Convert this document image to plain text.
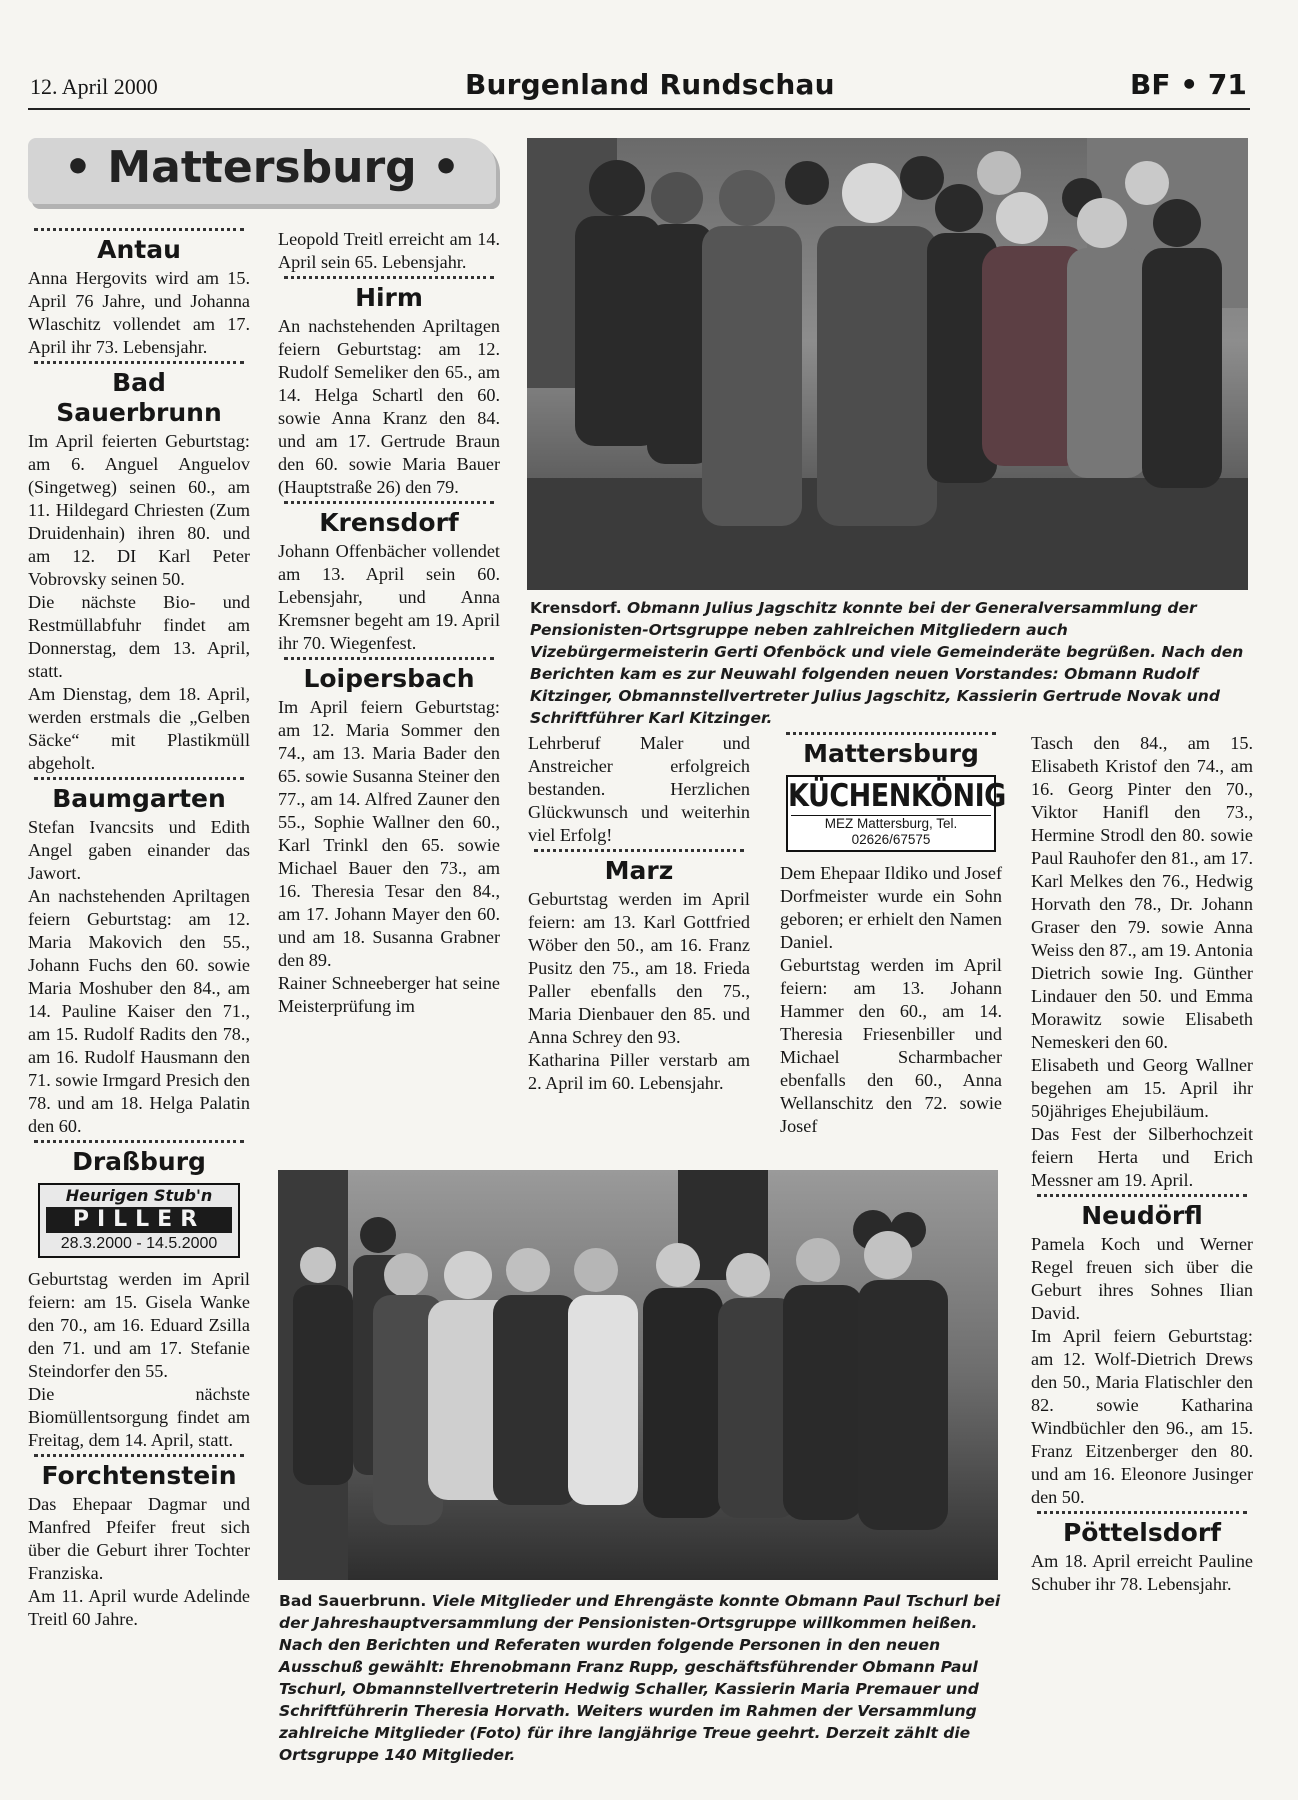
12. April 2000	Burgenland Rundschau	BF • 71
• Mattersburg •
Antau

Anna Hergovits wird am 15. April 76 Jahre, und Johanna Wlaschitz vollendet am 17. April ihr 73. Lebensjahr.

Bad Sauerbrunn

Im April feierten Geburtstag: am 6. Anguel Anguelov (Singetweg) seinen 60., am 11. Hildegard Chriesten (Zum Druidenhain) ihren 80. und am 12. DI Karl Peter Vobrovsky seinen 50.

Die nächste Bio- und Restmüllabfuhr findet am Donnerstag, dem 13. April, statt.

Am Dienstag, dem 18. April, werden erstmals die „Gelben Säcke“ mit Plastikmüll abgeholt.

Baumgarten

Stefan Ivancsits und Edith Angel gaben einander das Jawort.

An nachstehenden Apriltagen feiern Geburtstag: am 12. Maria Makovich den 55., Johann Fuchs den 60. sowie Maria Moshuber den 84., am 14. Pauline Kaiser den 71., am 15. Rudolf Radits den 78., am 16. Rudolf Hausmann den 71. sowie Irmgard Presich den 78. und am 18. Helga Palatin den 60.

Draßburg
Heurigen Stub'n
PILLER
28.3.2000 - 14.5.2000

Geburtstag werden im April feiern: am 15. Gisela Wanke den 70., am 16. Eduard Zsilla den 71. und am 17. Stefanie Steindorfer den 55.

Die nächste Biomüllentsorgung findet am Freitag, dem 14. April, statt.

Forchtenstein

Das Ehepaar Dagmar und Manfred Pfeifer freut sich über die Geburt ihrer Tochter Franziska.

Am 11. April wurde Adelinde Treitl 60 Jahre.

Leopold Treitl erreicht am 14. April sein 65. Lebensjahr.

Hirm

An nachstehenden Apriltagen feiern Geburtstag: am 12. Rudolf Semeliker den 65., am 14. Helga Schartl den 60. sowie Anna Kranz den 84. und am 17. Gertrude Braun den 60. sowie Maria Bauer (Hauptstraße 26) den 79.

Krensdorf

Johann Offenbächer vollendet am 13. April sein 60. Lebensjahr, und Anna Kremsner begeht am 19. April ihr 70. Wiegenfest.

Loipersbach

Im April feiern Geburtstag: am 12. Maria Sommer den 74., am 13. Maria Bader den 65. sowie Susanna Steiner den 77., am 14. Alfred Zauner den 55., Sophie Wallner den 60., Karl Trinkl den 65. sowie Michael Bauer den 73., am 16. Theresia Tesar den 84., am 17. Johann Mayer den 60. und am 18. Susanna Grabner den 89.

Rainer Schneeberger hat seine Meisterprüfung im

Lehrberuf Maler und Anstreicher erfolgreich bestanden. Herzlichen Glückwunsch und weiterhin viel Erfolg!

Marz

Geburtstag werden im April feiern: am 13. Karl Gottfried Wöber den 50., am 16. Franz Pusitz den 75., am 18. Frieda Paller ebenfalls den 75., Maria Dienbauer den 85. und Anna Schrey den 93.

Katharina Piller verstarb am 2. April im 60. Lebensjahr.

Mattersburg
KÜCHENKÖNIG
MEZ Mattersburg, Tel. 02626/67575

Dem Ehepaar Ildiko und Josef Dorfmeister wurde ein Sohn geboren; er erhielt den Namen Daniel.

Geburtstag werden im April feiern: am 13. Johann Hammer den 60., am 14. Theresia Friesenbiller und Michael Scharmbacher ebenfalls den 60., Anna Wellanschitz den 72. sowie Josef

Tasch den 84., am 15. Elisabeth Kristof den 74., am 16. Georg Pinter den 70., Viktor Hanifl den 73., Hermine Strodl den 80. sowie Paul Rauhofer den 81., am 17. Karl Melkes den 76., Hedwig Horvath den 78., Dr. Johann Graser den 79. sowie Anna Weiss den 87., am 19. Antonia Dietrich sowie Ing. Günther Lindauer den 50. und Emma Morawitz sowie Elisabeth Nemeskeri den 60.

Elisabeth und Georg Wallner begehen am 15. April ihr 50jähriges Ehejubiläum.

Das Fest der Silberhochzeit feiern Herta und Erich Messner am 19. April.

Neudörfl

Pamela Koch und Werner Regel freuen sich über die Geburt ihres Sohnes Ilian David.

Im April feiern Geburtstag: am 12. Wolf-Dietrich Drews den 50., Maria Flatischler den 82. sowie Katharina Windbüchler den 96., am 15. Franz Eitzenberger den 80. und am 16. Eleonore Jusinger den 50.

Pöttelsdorf

Am 18. April erreicht Pauline Schuber ihr 78. Lebensjahr.

Krensdorf. Obmann Julius Jagschitz konnte bei der Generalversammlung der Pensionisten-Ortsgruppe neben zahlreichen Mitgliedern auch Vizebürgermeisterin Gerti Ofenböck und viele Gemeinderäte begrüßen. Nach den Berichten kam es zur Neuwahl folgenden neuen Vorstandes: Obmann Rudolf Kitzinger, Obmannstellvertreter Julius Jagschitz, Kassierin Gertrude Novak und Schriftführer Karl Kitzinger.
Bad Sauerbrunn. Viele Mitglieder und Ehrengäste konnte Obmann Paul Tschurl bei der Jahreshauptversammlung der Pensionisten-Ortsgruppe willkommen heißen. Nach den Berichten und Referaten wurden folgende Personen in den neuen Ausschuß gewählt: Ehrenobmann Franz Rupp, geschäftsführender Obmann Paul Tschurl, Obmannstellvertreterin Hedwig Schaller, Kassierin Maria Premauer und Schriftführerin Theresia Horvath. Weiters wurden im Rahmen der Versammlung zahlreiche Mitglieder (Foto) für ihre langjährige Treue geehrt. Derzeit zählt die Ortsgruppe 140 Mitglieder.
